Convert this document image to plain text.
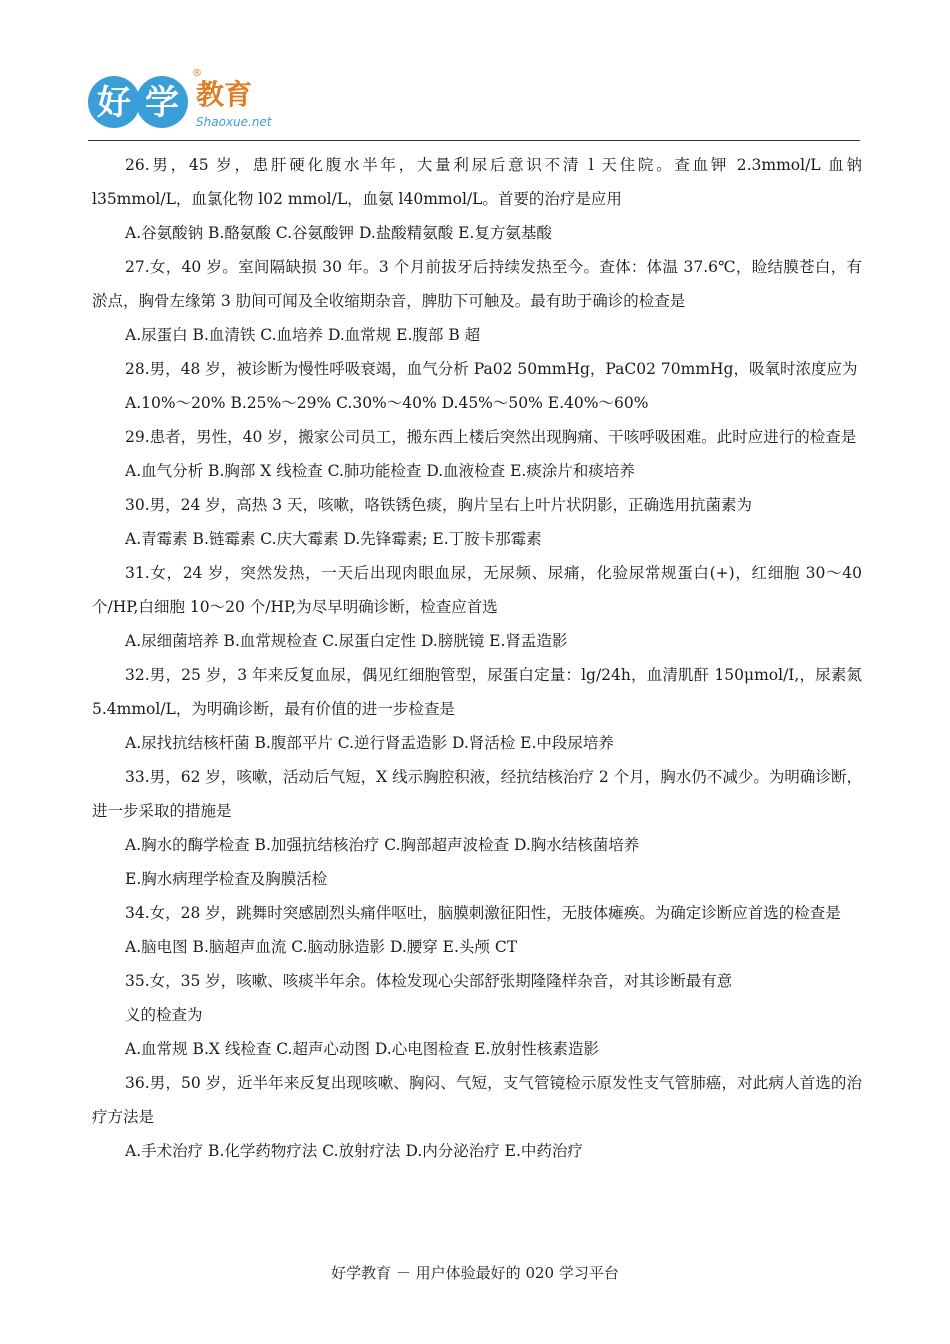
好 学
®
教育
Shaoxue.net

26.男，45 岁，患肝硬化腹水半年，大量利尿后意识不清 l 天住院。查血钾 2.3mmol/L 血钠 l35mmol/L，血氯化物 l02 mmol/L，血氨 l40mmol/L。首要的治疗是应用

A.谷氨酸钠 B.酪氨酸 C.谷氨酸钾 D.盐酸精氨酸 E.复方氨基酸

27.女，40 岁。室间隔缺损 30 年。3 个月前拔牙后持续发热至今。查体：体温 37.6℃，睑结膜苍白，有淤点，胸骨左缘第 3 肋间可闻及全收缩期杂音，脾肋下可触及。最有助于确诊的检查是

A.尿蛋白 B.血清铁 C.血培养 D.血常规 E.腹部 B 超

28.男，48 岁，被诊断为慢性呼吸衰竭，血气分析 Pa02 50mmHg，PaC02 70mmHg，吸氧时浓度应为

A.10%～20% B.25%～29% C.30%～40% D.45%～50% E.40%～60%

29.患者，男性，40 岁，搬家公司员工，搬东西上楼后突然出现胸痛、干咳呼吸困难。此时应进行的检查是

A.血气分析 B.胸部 X 线检查 C.肺功能检查 D.血液检查 E.痰涂片和痰培养

30.男，24 岁，高热 3 天，咳嗽，咯铁锈色痰，胸片呈右上叶片状阴影，正确选用抗菌素为

A.青霉素 B.链霉素 C.庆大霉素 D.先锋霉素; E.丁胺卡那霉素

31.女，24 岁，突然发热，一天后出现肉眼血尿，无尿频、尿痛，化验尿常规蛋白(+)，红细胞 30～40 个/HP,白细胞 10～20 个/HP,为尽早明确诊断，检查应首选

A.尿细菌培养 B.血常规检查 C.尿蛋白定性 D.膀胱镜 E.肾盂造影

32.男，25 岁，3 年来反复血尿，偶见红细胞管型，尿蛋白定量：lg/24h，血清肌酐 150μmol/I,，尿素氮 5.4mmol/L，为明确诊断，最有价值的进一步检查是

A.尿找抗结核杆菌 B.腹部平片 C.逆行肾盂造影 D.肾活检 E.中段尿培养

33.男，62 岁，咳嗽，活动后气短，X 线示胸腔积液，经抗结核治疗 2 个月，胸水仍不减少。为明确诊断，进一步采取的措施是

A.胸水的酶学检查 B.加强抗结核治疗 C.胸部超声波检查 D.胸水结核菌培养

E.胸水病理学检查及胸膜活检

34.女，28 岁，跳舞时突感剧烈头痛伴呕吐，脑膜刺激征阳性，无肢体瘫痪。为确定诊断应首选的检查是

A.脑电图 B.脑超声血流 C.脑动脉造影 D.腰穿 E.头颅 CT

35.女，35 岁，咳嗽、咳痰半年余。体检发现心尖部舒张期隆隆样杂音，对其诊断最有意

义的检查为

A.血常规 B.X 线检查 C.超声心动图 D.心电图检查 E.放射性核素造影

36.男，50 岁，近半年来反复出现咳嗽、胸闷、气短，支气管镜检示原发性支气管肺癌，对此病人首选的治疗方法是

A.手术治疗 B.化学药物疗法 C.放射疗法 D.内分泌治疗 E.中药治疗

好学教育 － 用户体验最好的 020 学习平台
